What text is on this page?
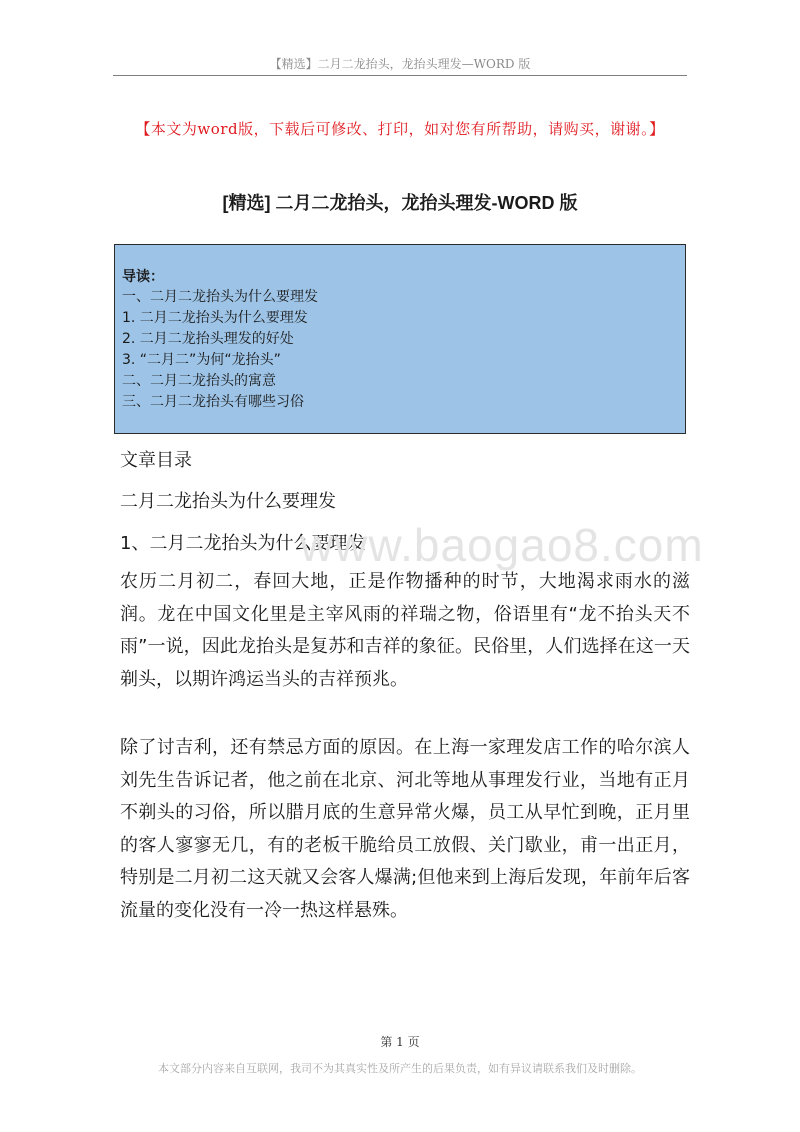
【精选】二月二龙抬头，龙抬头理发—WORD 版
【本文为word版，下载后可修改、打印，如对您有所帮助，请购买，谢谢。】
[精选] 二月二龙抬头，龙抬头理发-WORD 版
导读：
一、二月二龙抬头为什么要理发
1. 二月二龙抬头为什么要理发
2. 二月二龙抬头理发的好处
3. “二月二”为何“龙抬头”
二、二月二龙抬头的寓意
三、二月二龙抬头有哪些习俗
文章目录
二月二龙抬头为什么要理发
1、二月二龙抬头为什么要理发
www.baogao8.com

农历二月初二，春回大地，正是作物播种的时节，大地渴求雨水的滋润。龙在中国文化里是主宰风雨的祥瑞之物，俗语里有“龙不抬头天不雨”一说，因此龙抬头是复苏和吉祥的象征。民俗里，人们选择在这一天剃头，以期许鸿运当头的吉祥预兆。

除了讨吉利，还有禁忌方面的原因。在上海一家理发店工作的哈尔滨人刘先生告诉记者，他之前在北京、河北等地从事理发行业，当地有正月不剃头的习俗，所以腊月底的生意异常火爆，员工从早忙到晚，正月里的客人寥寥无几，有的老板干脆给员工放假、关门歇业，甫一出正月，特别是二月初二这天就又会客人爆满;但他来到上海后发现，年前年后客流量的变化没有一冷一热这样悬殊。

第 1 页
本文部分内容来自互联网，我司不为其真实性及所产生的后果负责，如有异议请联系我们及时删除。
